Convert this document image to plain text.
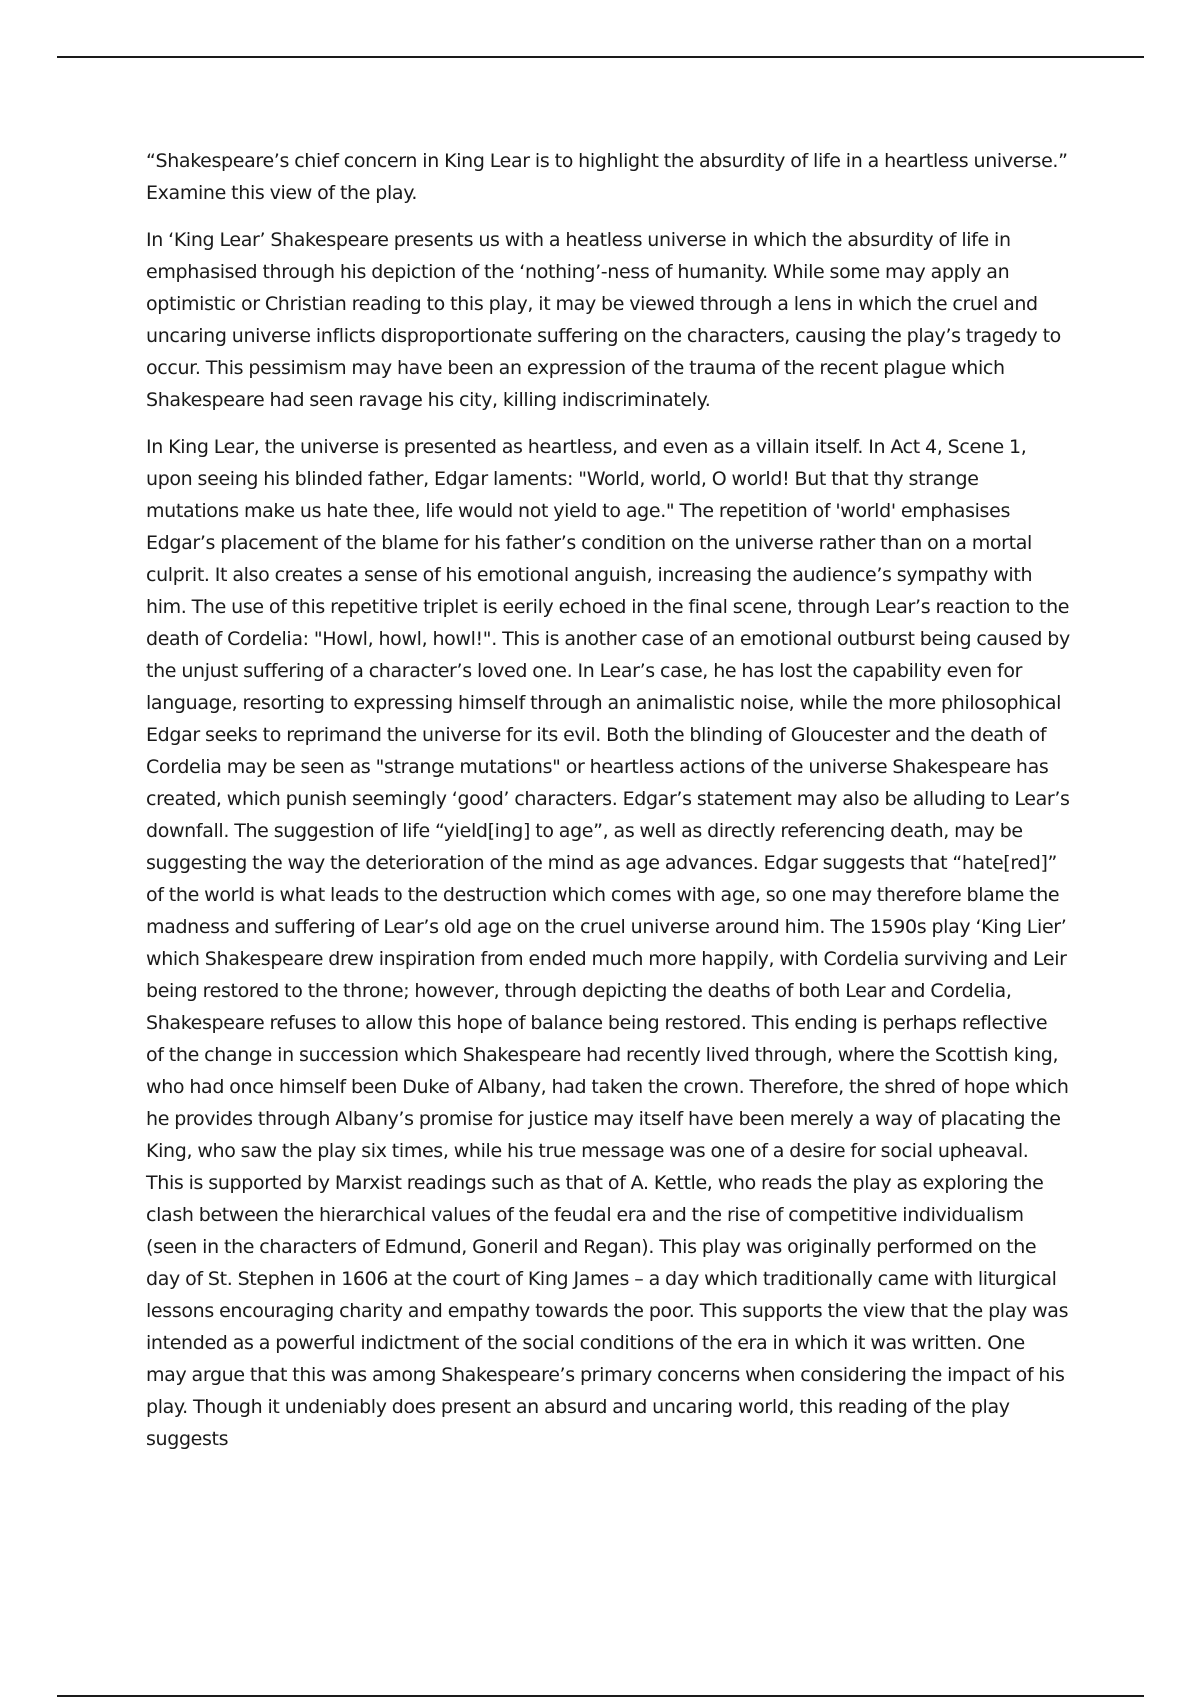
“Shakespeare’s chief concern in King Lear is to highlight the absurdity of life in a heartless universe.” Examine this view of the play.

In ‘King Lear’ Shakespeare presents us with a heatless universe in which the absurdity of life in emphasised through his depiction of the ‘nothing’-ness of humanity. While some may apply an optimistic or Christian reading to this play, it may be viewed through a lens in which the cruel and uncaring universe inflicts disproportionate suffering on the characters, causing the play’s tragedy to occur. This pessimism may have been an expression of the trauma of the recent plague which Shakespeare had seen ravage his city, killing indiscriminately.

In King Lear, the universe is presented as heartless, and even as a villain itself. In Act 4, Scene 1, upon seeing his blinded father, Edgar laments: "World, world, O world! But that thy strange mutations make us hate thee, life would not yield to age." The repetition of 'world' emphasises Edgar’s placement of the blame for his father’s condition on the universe rather than on a mortal culprit. It also creates a sense of his emotional anguish, increasing the audience’s sympathy with him. The use of this repetitive triplet is eerily echoed in the final scene, through Lear’s reaction to the death of Cordelia: "Howl, howl, howl!". This is another case of an emotional outburst being caused by the unjust suffering of a character’s loved one. In Lear’s case, he has lost the capability even for language, resorting to expressing himself through an animalistic noise, while the more philosophical Edgar seeks to reprimand the universe for its evil. Both the blinding of Gloucester and the death of Cordelia may be seen as "strange mutations" or heartless actions of the universe Shakespeare has created, which punish seemingly ‘good’ characters. Edgar’s statement may also be alluding to Lear’s downfall. The suggestion of life “yield[ing] to age”, as well as directly referencing death, may be suggesting the way the deterioration of the mind as age advances. Edgar suggests that “hate[red]” of the world is what leads to the destruction which comes with age, so one may therefore blame the madness and suffering of Lear’s old age on the cruel universe around him. The 1590s play ‘King Lier’ which Shakespeare drew inspiration from ended much more happily, with Cordelia surviving and Leir being restored to the throne; however, through depicting the deaths of both Lear and Cordelia, Shakespeare refuses to allow this hope of balance being restored. This ending is perhaps reflective of the change in succession which Shakespeare had recently lived through, where the Scottish king, who had once himself been Duke of Albany, had taken the crown. Therefore, the shred of hope which he provides through Albany’s promise for justice may itself have been merely a way of placating the King, who saw the play six times, while his true message was one of a desire for social upheaval. This is supported by Marxist readings such as that of A. Kettle, who reads the play as exploring the clash between the hierarchical values of the feudal era and the rise of competitive individualism (seen in the characters of Edmund, Goneril and Regan). This play was originally performed on the day of St. Stephen in 1606 at the court of King James – a day which traditionally came with liturgical lessons encouraging charity and empathy towards the poor. This supports the view that the play was intended as a powerful indictment of the social conditions of the era in which it was written. One may argue that this was among Shakespeare’s primary concerns when considering the impact of his play. Though it undeniably does present an absurd and uncaring world, this reading of the play suggests
